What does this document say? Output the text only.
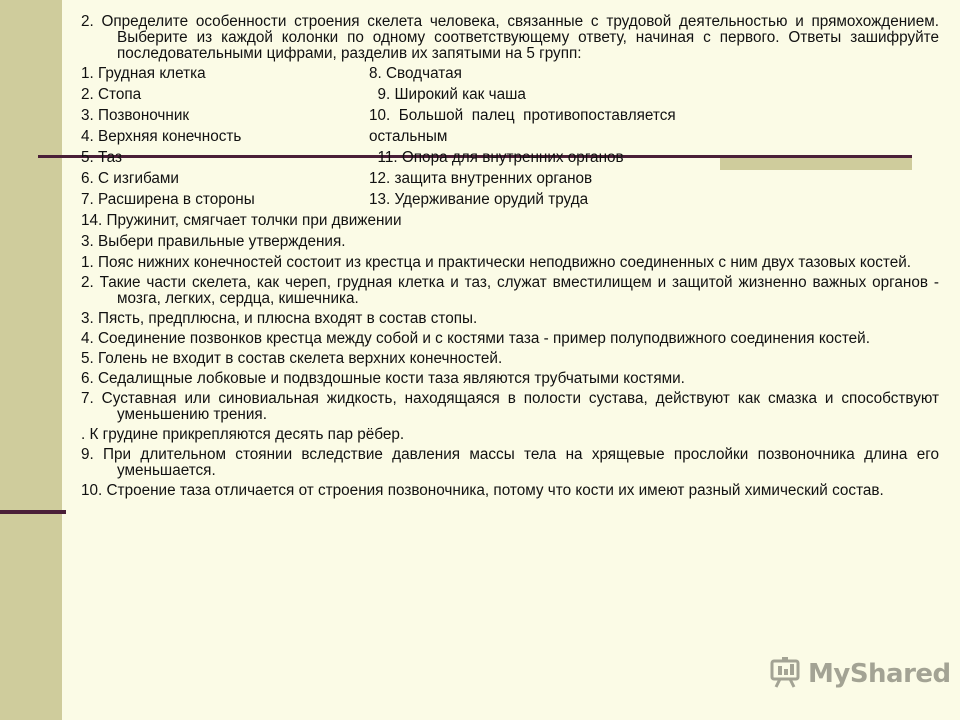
2. Определите особенности строения скелета человека, связанные с трудовой деятельностью и прямохождением. Выберите из каждой колонки по одному соответствующему ответу, начиная с первого. Ответы зашифруйте последовательными цифрами, разделив их запятыми на 5 групп:
1. Грудная клетка	8. Сводчатая
2. Стопа	9. Широкий как чаша
3. Позвоночник	10.  Большой  палец  противопоставляется
4. Верхняя конечность	остальным
5. Таз	11. Опора для внутренних органов
6. С изгибами	12. защита внутренних органов
7. Расширена в стороны	13. Удерживание орудий труда
14. Пружинит, смягчает толчки при движении
3. Выбери правильные утверждения.
1. Пояс нижних конечностей состоит из крестца и практически неподвижно соединенных с ним двух тазовых костей.
2. Такие части скелета, как череп, грудная клетка и таз, служат вместилищем и защитой жизненно важных органов - мозга, легких, сердца, кишечника.
3. Пясть, предплюсна, и плюсна входят в состав стопы.
4. Соединение позвонков крестца между собой и с костями таза - пример полуподвижного соединения костей.
5. Голень не входит в состав скелета верхних конечностей.
6. Седалищные лобковые и подвздошные кости таза являются трубчатыми костями.
7. Суставная или синовиальная жидкость, находящаяся в полости сустава, действуют как смазка и способствуют уменьшению трения.
. К грудине прикрепляются десять пар рёбер.
9. При длительном стоянии вследствие давления массы тела на хрящевые прослойки позвоночника длина его уменьшается.
10. Строение таза отличается от строения позвоночника, потому что кости их имеют разный химический состав.
MyShared
